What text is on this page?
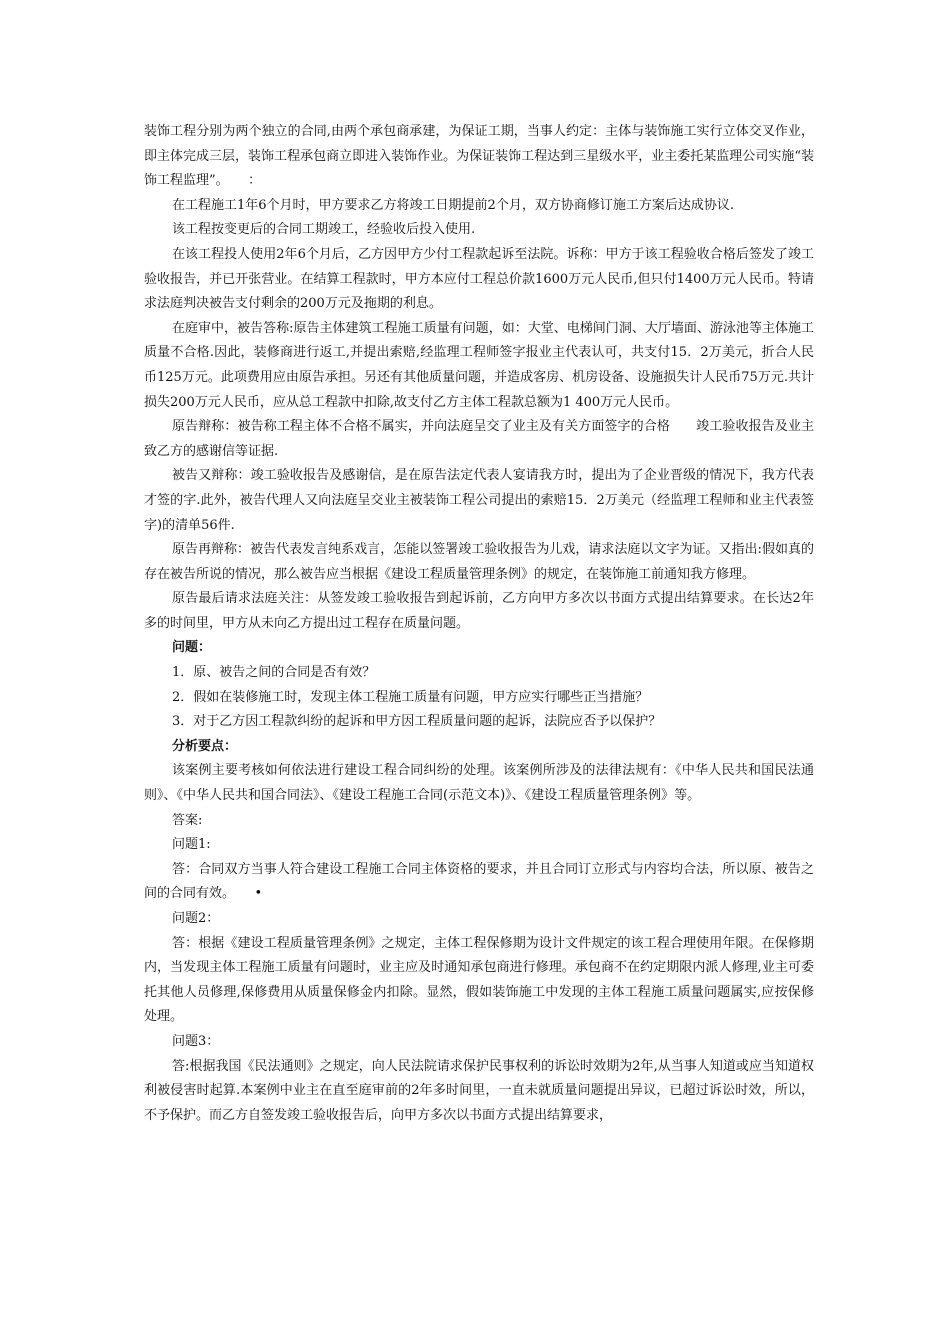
装饰工程分别为两个独立的合同,由两个承包商承建，为保证工期，当事人约定：主体与装饰施工实行立体交叉作业，即主体完成三层，装饰工程承包商立即进入装饰作业。为保证装饰工程达到三星级水平，业主委托某监理公司实施“装饰工程监理”。　　：

在工程施工1年6个月时，甲方要求乙方将竣工日期提前2个月，双方协商修订施工方案后达成协议.

该工程按变更后的合同工期竣工，经验收后投入使用.

在该工程投人使用2年6个月后，乙方因甲方少付工程款起诉至法院。诉称：甲方于该工程验收合格后签发了竣工验收报告，并已开张营业。在结算工程款时，甲方本应付工程总价款1600万元人民币,但只付1400万元人民币。特请求法庭判决被告支付剩余的200万元及拖期的利息。

在庭审中，被告答称:原告主体建筑工程施工质量有问题，如：大堂、电梯间门洞、大厅墙面、游泳池等主体施工质量不合格.因此，装修商进行返工,并提出索赔,经监理工程师签字报业主代表认可，共支付15．2万美元，折合人民币125万元。此项费用应由原告承担。另还有其他质量问题，并造成客房、机房设备、设施损失计人民币75万元.共计损失200万元人民币，应从总工程款中扣除,故支付乙方主体工程款总额为1 400万元人民币。

原告辩称：被告称工程主体不合格不属实，并向法庭呈交了业主及有关方面签字的合格　　竣工验收报告及业主致乙方的感谢信等证据.

被告又辩称：竣工验收报告及感谢信，是在原告法定代表人宴请我方时，提出为了企业晋级的情况下，我方代表才签的字.此外，被告代理人又向法庭呈交业主被装饰工程公司提出的索赔15．2万美元（经监理工程师和业主代表签字)的清单56件.

原告再辩称：被告代表发言纯系戏言，怎能以签署竣工验收报告为儿戏，请求法庭以文字为证。又指出:假如真的存在被告所说的情况，那么被告应当根据《建设工程质量管理条例》的规定，在装饰施工前通知我方修理。

原告最后请求法庭关注：从签发竣工验收报告到起诉前，乙方向甲方多次以书面方式提出结算要求。在长达2年多的时间里，甲方从未向乙方提出过工程存在质量问题。

问题：

1．原、被告之间的合同是否有效？

2．假如在装修施工时，发现主体工程施工质量有问题，甲方应实行哪些正当措施？

3．对于乙方因工程款纠纷的起诉和甲方因工程质量问题的起诉，法院应否予以保护？

分析要点：

该案例主要考核如何依法进行建设工程合同纠纷的处理。该案例所涉及的法律法规有：《中华人民共和国民法通则》、《中华人民共和国合同法》、《建设工程施工合同(示范文本)》、《建设工程质量管理条例》等。

答案:

问题1:

答：合同双方当事人符合建设工程施工合同主体资格的要求，并且合同订立形式与内容均合法，所以原、被告之间的合同有效。　　•

问题2：

答：根据《建设工程质量管理条例》之规定，主体工程保修期为设计文件规定的该工程合理使用年限。在保修期内，当发现主体工程施工质量有问题时，业主应及时通知承包商进行修理。承包商不在约定期限内派人修理,业主可委托其他人员修理,保修费用从质量保修金内扣除。显然，假如装饰施工中发现的主体工程施工质量问题属实,应按保修处理。

问题3：

答:根据我国《民法通则》之规定，向人民法院请求保护民事权利的诉讼时效期为2年,从当事人知道或应当知道权利被侵害时起算.本案例中业主在直至庭审前的2年多时间里，一直未就质量问题提出异议，已超过诉讼时效，所以，不予保护。而乙方自签发竣工验收报告后，向甲方多次以书面方式提出结算要求，
